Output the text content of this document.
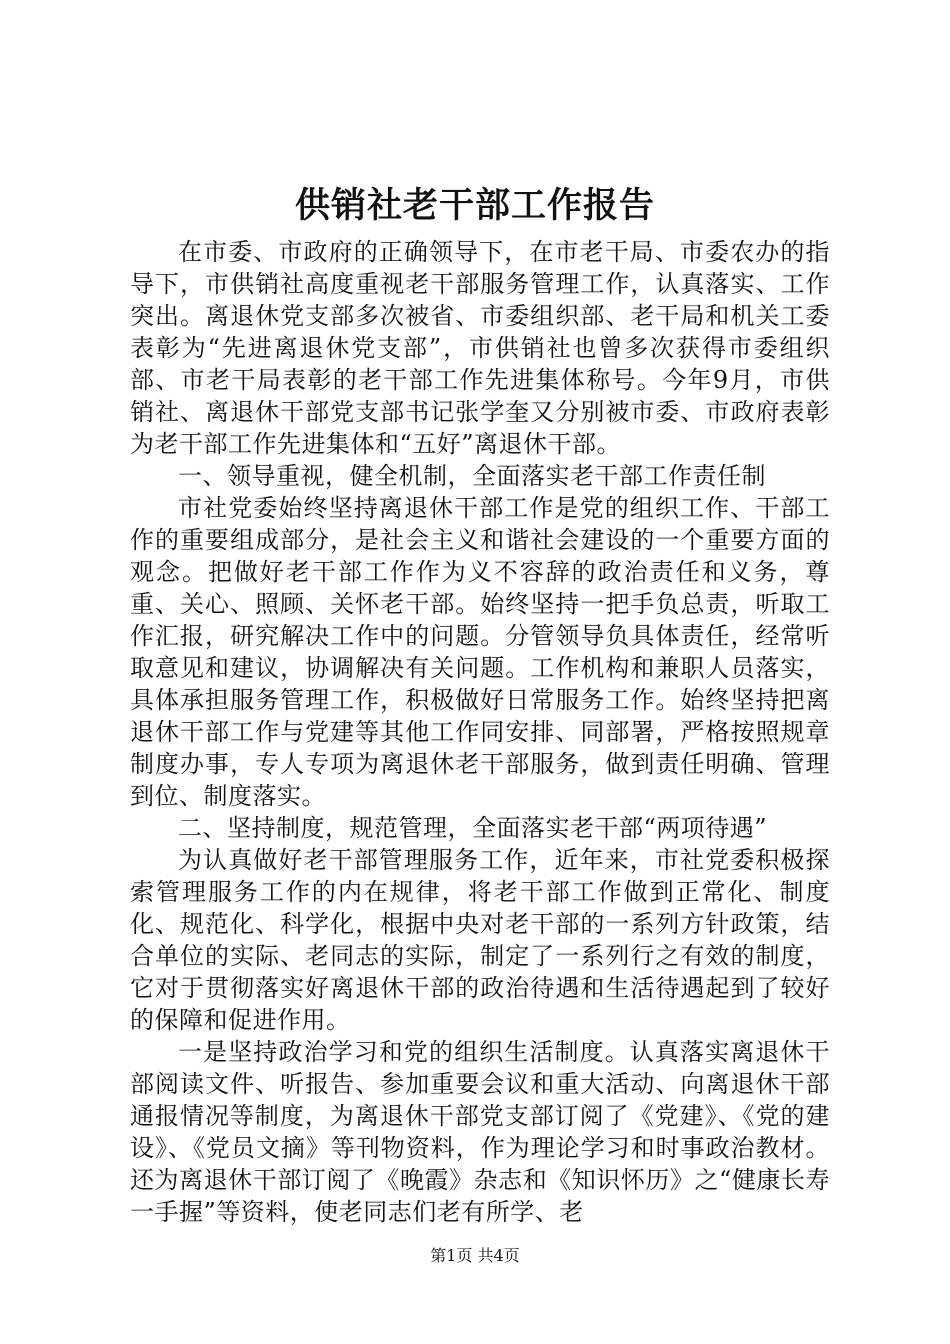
供销社老干部工作报告

在市委、市政府的正确领导下，在市老干局、市委农办的指导下，市供销社高度重视老干部服务管理工作，认真落实、工作突出。离退休党支部多次被省、市委组织部、老干局和机关工委表彰为“先进离退休党支部”，市供销社也曾多次获得市委组织部、市老干局表彰的老干部工作先进集体称号。今年9月，市供销社、离退休干部党支部书记张学奎又分别被市委、市政府表彰为老干部工作先进集体和“五好”离退休干部。

一、领导重视，健全机制，全面落实老干部工作责任制

市社党委始终坚持离退休干部工作是党的组织工作、干部工作的重要组成部分，是社会主义和谐社会建设的一个重要方面的观念。把做好老干部工作作为义不容辞的政治责任和义务，尊重、关心、照顾、关怀老干部。始终坚持一把手负总责，听取工作汇报，研究解决工作中的问题。分管领导负具体责任，经常听取意见和建议，协调解决有关问题。工作机构和兼职人员落实，具体承担服务管理工作，积极做好日常服务工作。始终坚持把离退休干部工作与党建等其他工作同安排、同部署，严格按照规章制度办事，专人专项为离退休老干部服务，做到责任明确、管理到位、制度落实。

二、坚持制度，规范管理，全面落实老干部“两项待遇”

为认真做好老干部管理服务工作，近年来，市社党委积极探索管理服务工作的内在规律，将老干部工作做到正常化、制度化、规范化、科学化，根据中央对老干部的一系列方针政策，结合单位的实际、老同志的实际，制定了一系列行之有效的制度，它对于贯彻落实好离退休干部的政治待遇和生活待遇起到了较好的保障和促进作用。

一是坚持政治学习和党的组织生活制度。认真落实离退休干部阅读文件、听报告、参加重要会议和重大活动、向离退休干部通报情况等制度，为离退休干部党支部订阅了《党建》、《党的建设》、《党员文摘》等刊物资料，作为理论学习和时事政治教材。还为离退休干部订阅了《晚霞》杂志和《知识怀历》之“健康长寿一手握”等资料，使老同志们老有所学、老

第1页 共4页
